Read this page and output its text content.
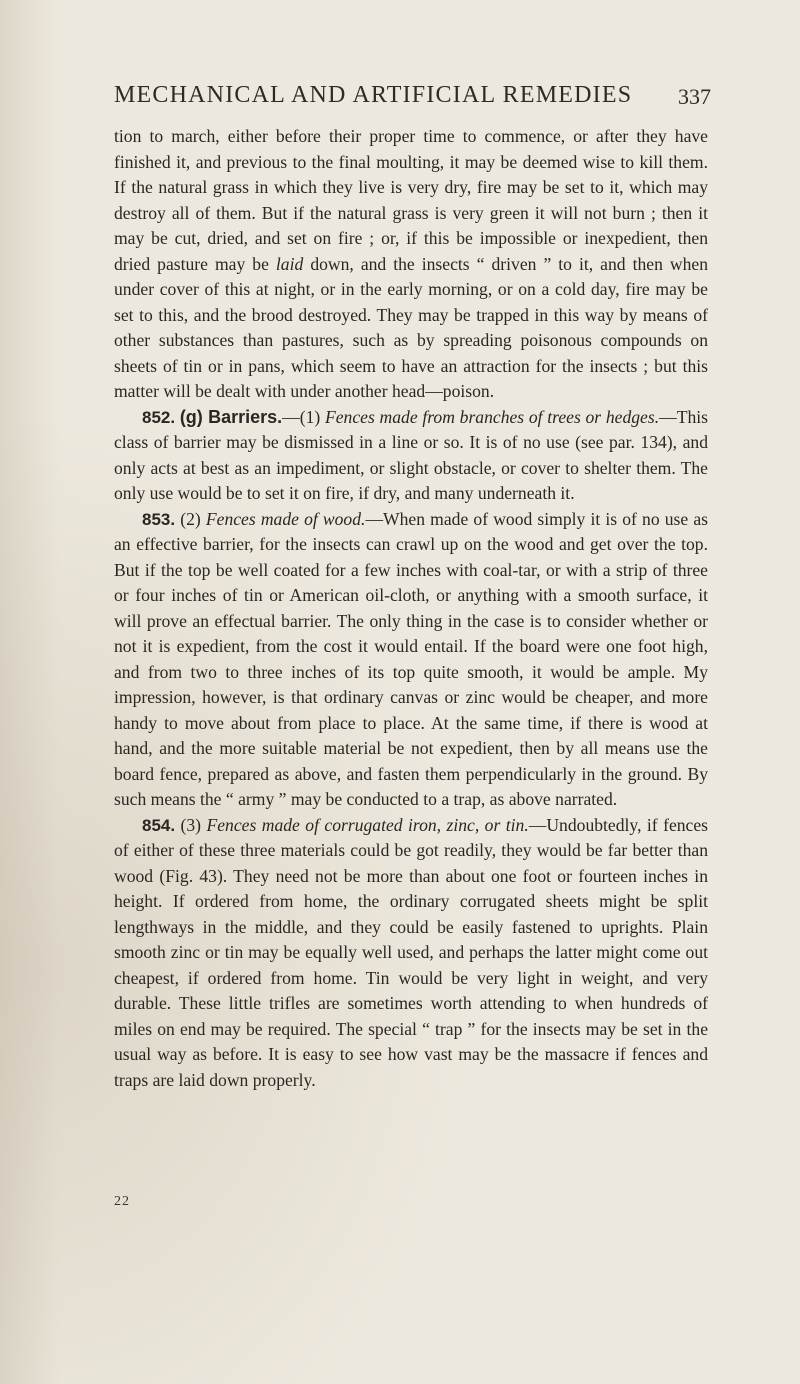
MECHANICAL AND ARTIFICIAL REMEDIES 337

tion to march, either before their proper time to commence, or after they have finished it, and previous to the final moulting, it may be deemed wise to kill them. If the natural grass in which they live is very dry, fire may be set to it, which may destroy all of them. But if the natural grass is very green it will not burn ; then it may be cut, dried, and set on fire ; or, if this be impossible or inexpedient, then dried pasture may be laid down, and the insects “ driven ” to it, and then when under cover of this at night, or in the early morning, or on a cold day, fire may be set to this, and the brood destroyed. They may be trapped in this way by means of other substances than pastures, such as by spreading poisonous compounds on sheets of tin or in pans, which seem to have an attraction for the insects ; but this matter will be dealt with under another head—poison.

852. (g) Barriers.—(1) Fences made from branches of trees or hedges.—This class of barrier may be dismissed in a line or so. It is of no use (see par. 134), and only acts at best as an impediment, or slight obstacle, or cover to shelter them. The only use would be to set it on fire, if dry, and many underneath it.

853. (2) Fences made of wood.—When made of wood simply it is of no use as an effective barrier, for the insects can crawl up on the wood and get over the top. But if the top be well coated for a few inches with coal-tar, or with a strip of three or four inches of tin or American oil-cloth, or anything with a smooth surface, it will prove an effectual barrier. The only thing in the case is to consider whether or not it is expedient, from the cost it would entail. If the board were one foot high, and from two to three inches of its top quite smooth, it would be ample. My impression, however, is that ordinary canvas or zinc would be cheaper, and more handy to move about from place to place. At the same time, if there is wood at hand, and the more suitable material be not expedient, then by all means use the board fence, prepared as above, and fasten them perpendicularly in the ground. By such means the “ army ” may be conducted to a trap, as above narrated.

854. (3) Fences made of corrugated iron, zinc, or tin.—Undoubtedly, if fences of either of these three materials could be got readily, they would be far better than wood (Fig. 43). They need not be more than about one foot or fourteen inches in height. If ordered from home, the ordinary corrugated sheets might be split lengthways in the middle, and they could be easily fastened to uprights. Plain smooth zinc or tin may be equally well used, and perhaps the latter might come out cheapest, if ordered from home. Tin would be very light in weight, and very durable. These little trifles are sometimes worth attending to when hundreds of miles on end may be required. The special “ trap ” for the insects may be set in the usual way as before. It is easy to see how vast may be the massacre if fences and traps are laid down properly.

22
